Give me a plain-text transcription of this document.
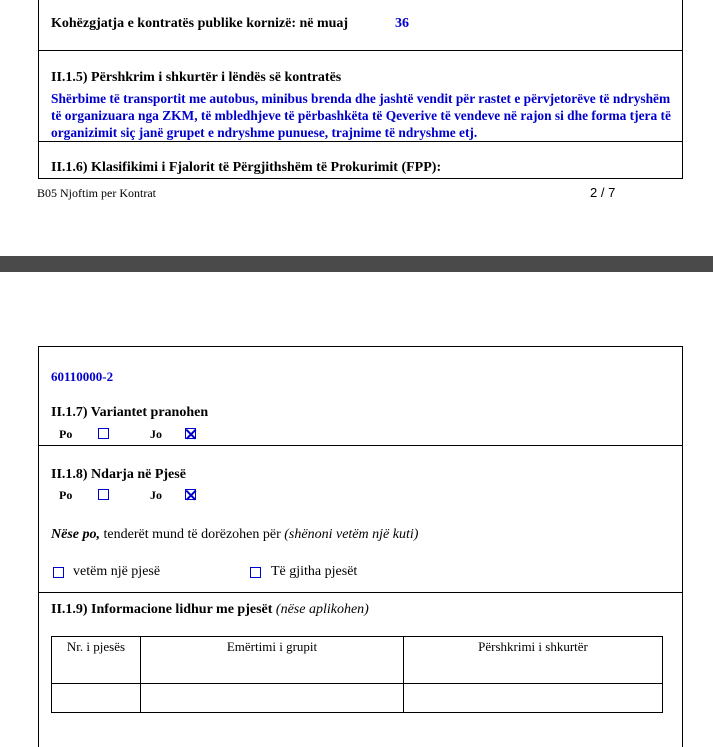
Kohëzgjatja e kontratës publike kornizë: në muaj	36
II.1.5) Përshkrim i shkurtër i lëndës së kontratës
Shërbime të transportit me autobus, minibus brenda dhe jashtë vendit për rastet e përvjetorëve të ndryshëm të organizuara nga ZKM, të mbledhjeve të përbashkëta të Qeverive të vendeve në rajon si dhe forma tjera të organizimit siç janë grupet e ndryshme punuese, trajnime të ndryshme etj.
II.1.6) Klasifikimi i Fjalorit të Përgjithshëm të Prokurimit (FPP):
B05 Njoftim per Kontrat	2 / 7
60110000-2
II.1.7) Variantet pranohen
Po	Jo
II.1.8) Ndarja në Pjesë
Po	Jo
Nëse po, tenderët mund të dorëzohen për (shënoni vetëm një kuti)
vetëm një pjesë	Të gjitha pjesët
II.1.9) Informacione lidhur me pjesët (nëse aplikohen)
Nr. i pjesës	Emërtimi i grupit	Përshkrimi i shkurtër
